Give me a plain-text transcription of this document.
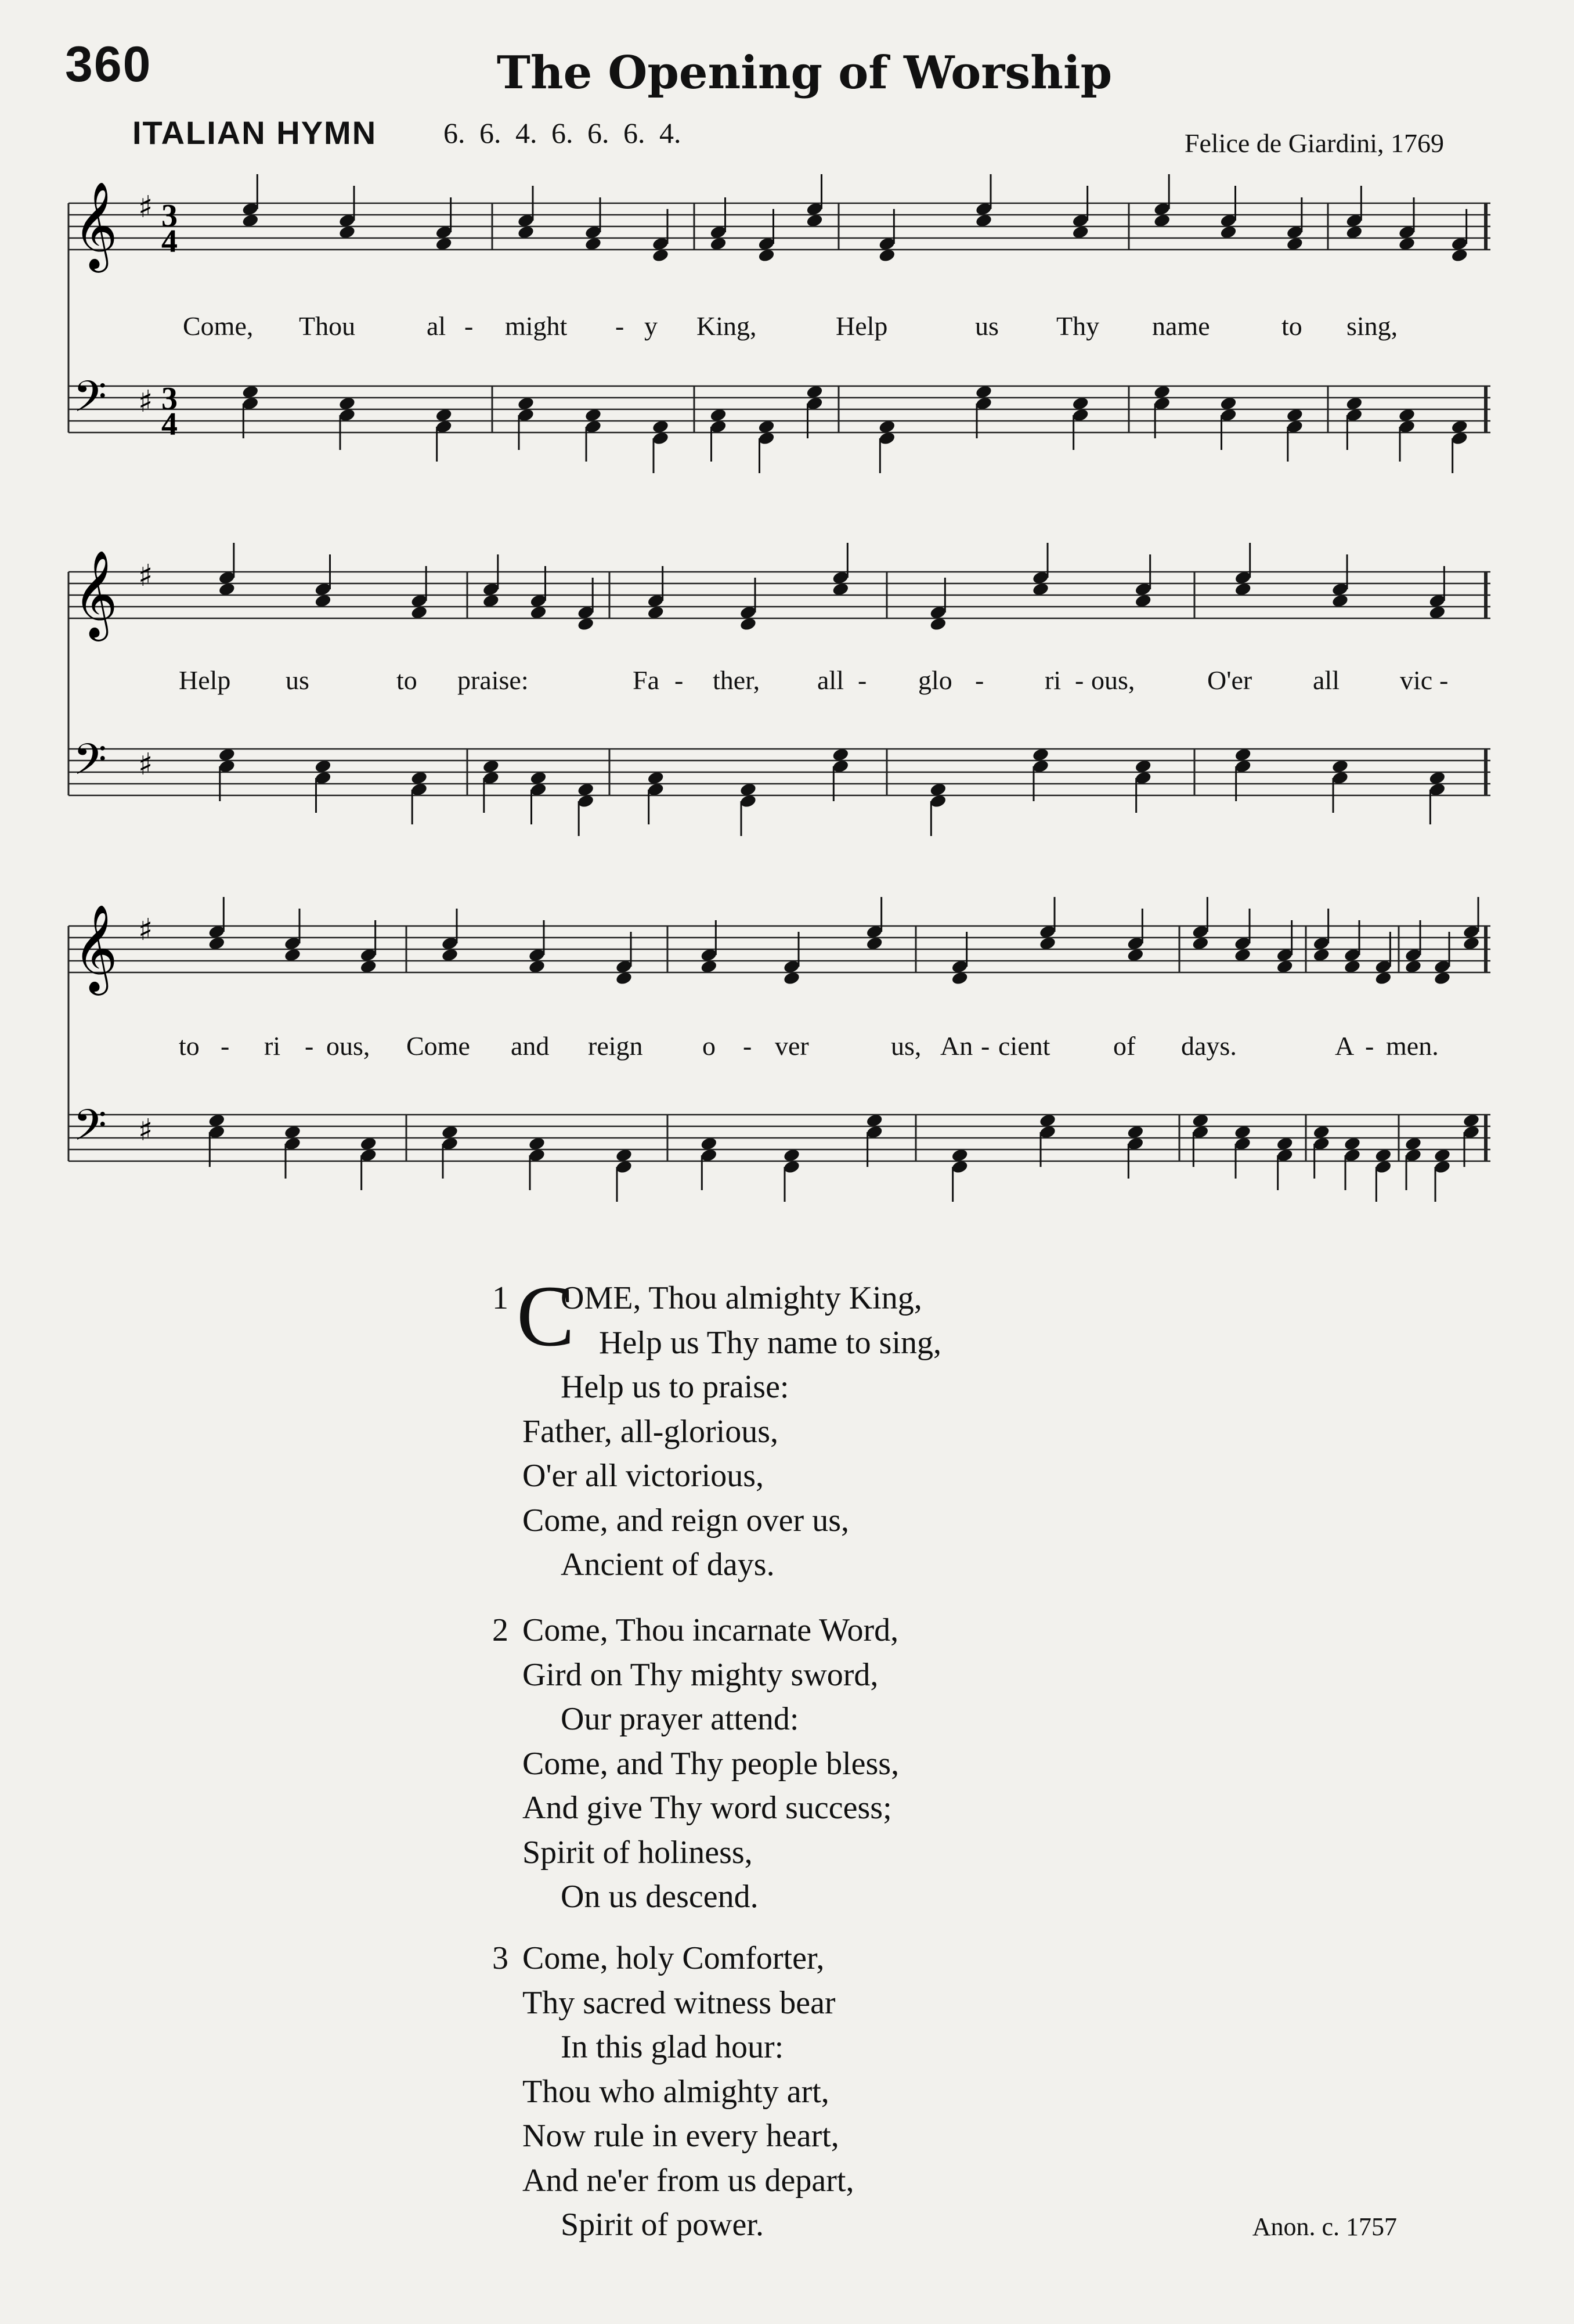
360	The Opening of Worship
ITALIAN HYMN 6. 6. 4. 6. 6. 6. 4.	Felice de Giardini, 1769
𝄞 ♯ 3
4
𝄢 ♯ 3
4
Come, Thou	al - might - y King,	Help	us Thy name	to sing,
𝄞 ♯
𝄢 ♯
Help us	to praise:	Fa - ther, all - glo - ri - ous,	O'er all vic -
𝄞 ♯
𝄢 ♯
to - ri - ous, Come and reign o - ver	us, An - cient of days.	A - men.
1 C
OME, Thou almighty King,
Help us Thy name to sing,
Help us to praise:
Father, all-glorious,
O'er all victorious,
Come, and reign over us,
Ancient of days.
2 Come, Thou incarnate Word,
Gird on Thy mighty sword,
Our prayer attend:
Come, and Thy people bless,
And give Thy word success;
Spirit of holiness,
On us descend.
3 Come, holy Comforter,
Thy sacred witness bear
In this glad hour:
Thou who almighty art,
Now rule in every heart,
And ne'er from us depart,
Spirit of power.	Anon. c. 1757
